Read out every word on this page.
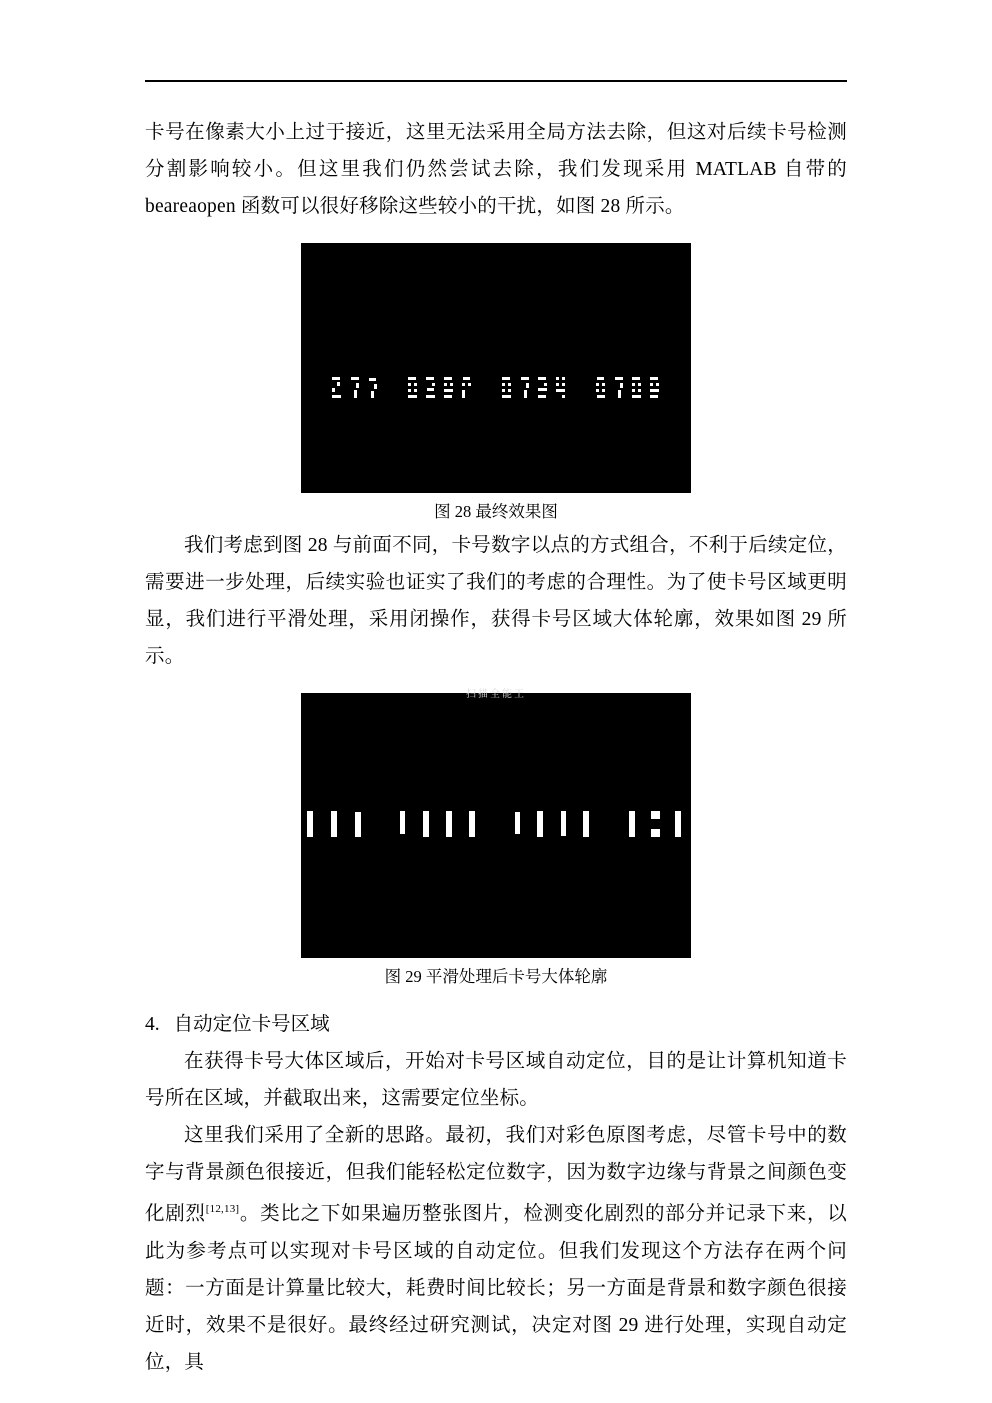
卡号在像素大小上过于接近，这里无法采用全局方法去除，但这对后续卡号检测分割影响较小。但这里我们仍然尝试去除，我们发现采用 MATLAB 自带的 beareaopen 函数可以很好移除这些较小的干扰，如图 28 所示。

图 28 最终效果图

我们考虑到图 28 与前面不同，卡号数字以点的方式组合，不利于后续定位，需要进一步处理，后续实验也证实了我们的考虑的合理性。为了使卡号区域更明显，我们进行平滑处理，采用闭操作，获得卡号区域大体轮廓，效果如图 29 所示。

扫描全能王
图 29 平滑处理后卡号大体轮廓
4. 自动定位卡号区域

在获得卡号大体区域后，开始对卡号区域自动定位，目的是让计算机知道卡号所在区域，并截取出来，这需要定位坐标。

这里我们采用了全新的思路。最初，我们对彩色原图考虑，尽管卡号中的数字与背景颜色很接近，但我们能轻松定位数字，因为数字边缘与背景之间颜色变化剧烈[12,13]。类比之下如果遍历整张图片，检测变化剧烈的部分并记录下来，以此为参考点可以实现对卡号区域的自动定位。但我们发现这个方法存在两个问题：一方面是计算量比较大，耗费时间比较长；另一方面是背景和数字颜色很接近时，效果不是很好。最终经过研究测试，决定对图 29 进行处理，实现自动定位，具
